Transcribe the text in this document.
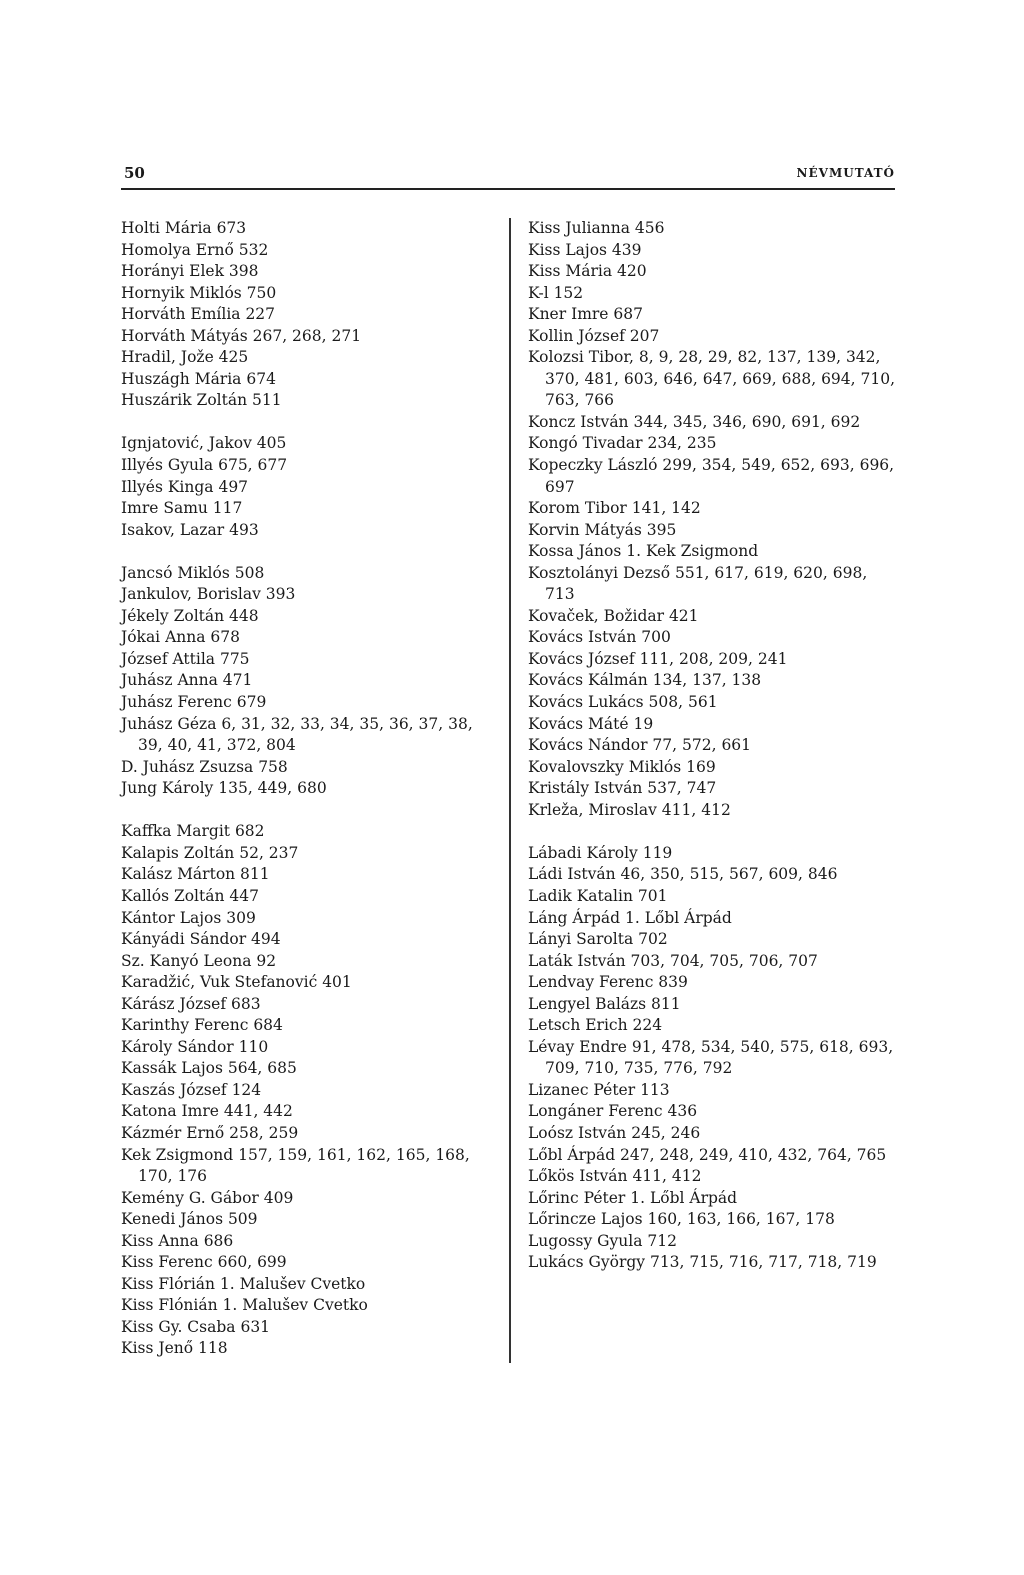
50	NÉVMUTATÓ

Holti Mária 673

Homolya Ernő 532

Horányi Elek 398

Hornyik Miklós 750

Horváth Emília 227

Horváth Mátyás 267, 268, 271

Hradil, Jože 425

Huszágh Mária 674

Huszárik Zoltán 511

Ignjatović, Jakov 405

Illyés Gyula 675, 677

Illyés Kinga 497

Imre Samu 117

Isakov, Lazar 493

Jancsó Miklós 508

Jankulov, Borislav 393

Jékely Zoltán 448

Jókai Anna 678

József Attila 775

Juhász Anna 471

Juhász Ferenc 679

Juhász Géza 6, 31, 32, 33, 34, 35, 36, 37, 38, 39, 40, 41, 372, 804

D. Juhász Zsuzsa 758

Jung Károly 135, 449, 680

Kaffka Margit 682

Kalapis Zoltán 52, 237

Kalász Márton 811

Kallós Zoltán 447

Kántor Lajos 309

Kányádi Sándor 494

Sz. Kanyó Leona 92

Karadžić, Vuk Stefanović 401

Kárász József 683

Karinthy Ferenc 684

Károly Sándor 110

Kassák Lajos 564, 685

Kaszás József 124

Katona Imre 441, 442

Kázmér Ernő 258, 259

Kek Zsigmond 157, 159, 161, 162, 165, 168, 170, 176

Kemény G. Gábor 409

Kenedi János 509

Kiss Anna 686

Kiss Ferenc 660, 699

Kiss Flórián 1. Malušev Cvetko

Kiss Flónián 1. Malušev Cvetko

Kiss Gy. Csaba 631

Kiss Jenő 118

Kiss Julianna 456

Kiss Lajos 439

Kiss Mária 420

K-l 152

Kner Imre 687

Kollin József 207

Kolozsi Tibor, 8, 9, 28, 29, 82, 137, 139, 342, 370, 481, 603, 646, 647, 669, 688, 694, 710, 763, 766

Koncz István 344, 345, 346, 690, 691, 692

Kongó Tivadar 234, 235

Kopeczky László 299, 354, 549, 652, 693, 696, 697

Korom Tibor 141, 142

Korvin Mátyás 395

Kossa János 1. Kek Zsigmond

Kosztolányi Dezső 551, 617, 619, 620, 698, 713

Kovaček, Božidar 421

Kovács István 700

Kovács József 111, 208, 209, 241

Kovács Kálmán 134, 137, 138

Kovács Lukács 508, 561

Kovács Máté 19

Kovács Nándor 77, 572, 661

Kovalovszky Miklós 169

Kristály István 537, 747

Krleža, Miroslav 411, 412

Lábadi Károly 119

Ládi István 46, 350, 515, 567, 609, 846

Ladik Katalin 701

Láng Árpád 1. Lőbl Árpád

Lányi Sarolta 702

Laták István 703, 704, 705, 706, 707

Lendvay Ferenc 839

Lengyel Balázs 811

Letsch Erich 224

Lévay Endre 91, 478, 534, 540, 575, 618, 693, 709, 710, 735, 776, 792

Lizanec Péter 113

Longáner Ferenc 436

Loósz István 245, 246

Lőbl Árpád 247, 248, 249, 410, 432, 764, 765

Lőkös István 411, 412

Lőrinc Péter 1. Lőbl Árpád

Lőrincze Lajos 160, 163, 166, 167, 178

Lugossy Gyula 712

Lukács György 713, 715, 716, 717, 718, 719
